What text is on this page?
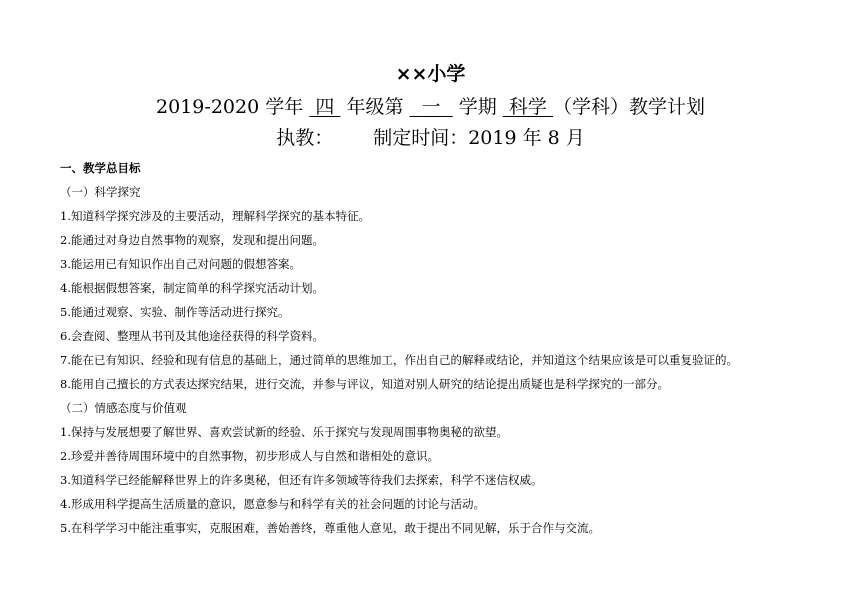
××小学
2019-2020 学年 四 年级第 一 学期 科学 （学科）教学计划
执教： 制定时间：2019 年 8 月
一、教学总目标
（一）科学探究
1.知道科学探究涉及的主要活动，理解科学探究的基本特征。
2.能通过对身边自然事物的观察，发现和提出问题。
3.能运用已有知识作出自己对问题的假想答案。
4.能根据假想答案，制定简单的科学探究活动计划。
5.能通过观察、实验、制作等活动进行探究。
6.会查阅、整理从书刊及其他途径获得的科学资料。
7.能在已有知识、经验和现有信息的基础上，通过简单的思维加工，作出自己的解释或结论，并知道这个结果应该是可以重复验证的。
8.能用自己擅长的方式表达探究结果，进行交流，并参与评议，知道对别人研究的结论提出质疑也是科学探究的一部分。
（二）情感态度与价值观
1.保持与发展想要了解世界、喜欢尝试新的经验、乐于探究与发现周围事物奥秘的欲望。
2.珍爱并善待周围环境中的自然事物，初步形成人与自然和谐相处的意识。
3.知道科学已经能解释世界上的许多奥秘，但还有许多领域等待我们去探索，科学不迷信权威。
4.形成用科学提高生活质量的意识，愿意参与和科学有关的社会问题的讨论与活动。
5.在科学学习中能注重事实，克服困难，善始善终，尊重他人意见，敢于提出不同见解，乐于合作与交流。
